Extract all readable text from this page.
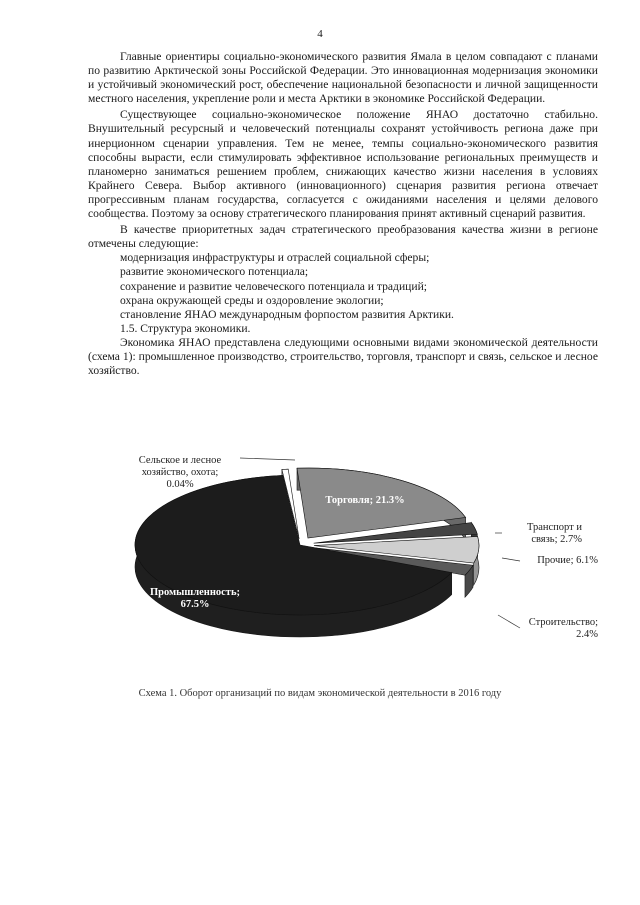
4

Главные ориентиры социально-экономического развития Ямала в целом совпадают с планами по развитию Арктической зоны Российской Федерации. Это инновационная модернизация экономики и устойчивый экономический рост, обеспечение национальной безопасности и личной защищенности местного населения, укрепление роли и места Арктики в экономике Российской Федерации.

Существующее социально-экономическое положение ЯНАО достаточно стабильно. Внушительный ресурсный и человеческий потенциалы сохранят устойчивость региона даже при инерционном сценарии управления. Тем не менее, темпы социально-экономического развития способны вырасти, если стимулировать эффективное использование региональных преимуществ и планомерно заниматься решением проблем, снижающих качество жизни населения в условиях Крайнего Севера. Выбор активного (инновационного) сценария развития региона отвечает прогрессивным планам государства, согласуется с ожиданиями населения и целями делового сообщества. Поэтому за основу стратегического планирования принят активный сценарий развития.

В качестве приоритетных задач стратегического преобразования качества жизни в регионе отмечены следующие:

модернизация инфраструктуры и отраслей социальной сферы;
развитие экономического потенциала;
сохранение и развитие человеческого потенциала и традиций;
охрана окружающей среды и оздоровление экологии;
становление ЯНАО международным форпостом развития Арктики.
1.5. Структура экономики.

Экономика ЯНАО представлена следующими основными видами экономической деятельности (схема 1): промышленное производство, строительство, торговля, транспорт и связь, сельское и лесное хозяйство.

Промышленность; 67.5%
Торговля; 21.3%
Транспорт и связь; 2.7%
Прочие; 6.1%
Строительство; 2.4%
Сельское и лесное хозяйство, охота; 0.04%
Схема 1. Оборот организаций по видам экономической деятельности в 2016 году
